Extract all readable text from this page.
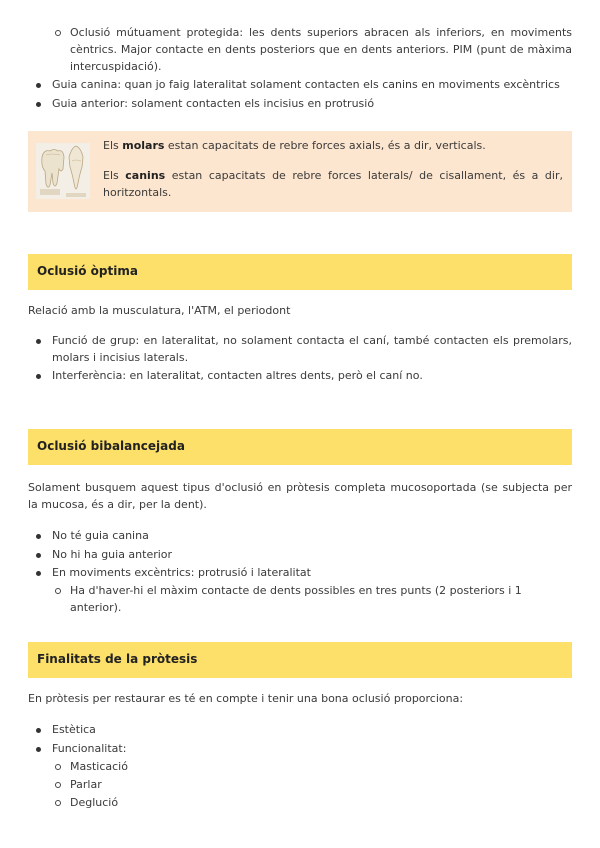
Oclusió mútuament protegida: les dents superiors abracen als inferiors, en moviments cèntrics. Major contacte en dents posteriors que en dents anteriors. PIM (punt de màxima intercuspidació).
Guia canina: quan jo faig lateralitat solament contacten els canins en moviments excèntrics
Guia anterior: solament contacten els incisius en protrusió

Els molars estan capacitats de rebre forces axials, és a dir, verticals.

Els canins estan capacitats de rebre forces laterals/ de cisallament, és a dir, horitzontals.

Oclusió òptima
Relació amb la musculatura, l'ATM, el periodont
Funció de grup: en lateralitat, no solament contacta el caní, també contacten els premolars, molars i incisius laterals.
Interferència: en lateralitat, contacten altres dents, però el caní no.
Oclusió bibalancejada
Solament busquem aquest tipus d'oclusió en pròtesis completa mucosoportada (se subjecta per la mucosa, és a dir, per la dent).
No té guia canina
No hi ha guia anterior
En moviments excèntrics: protrusió i lateralitat
Ha d'haver-hi el màxim contacte de dents possibles en tres punts (2 posteriors i 1 anterior).
Finalitats de la pròtesis
En pròtesis per restaurar es té en compte i tenir una bona oclusió proporciona:
Estètica
Funcionalitat:
Masticació
Parlar
Deglució
